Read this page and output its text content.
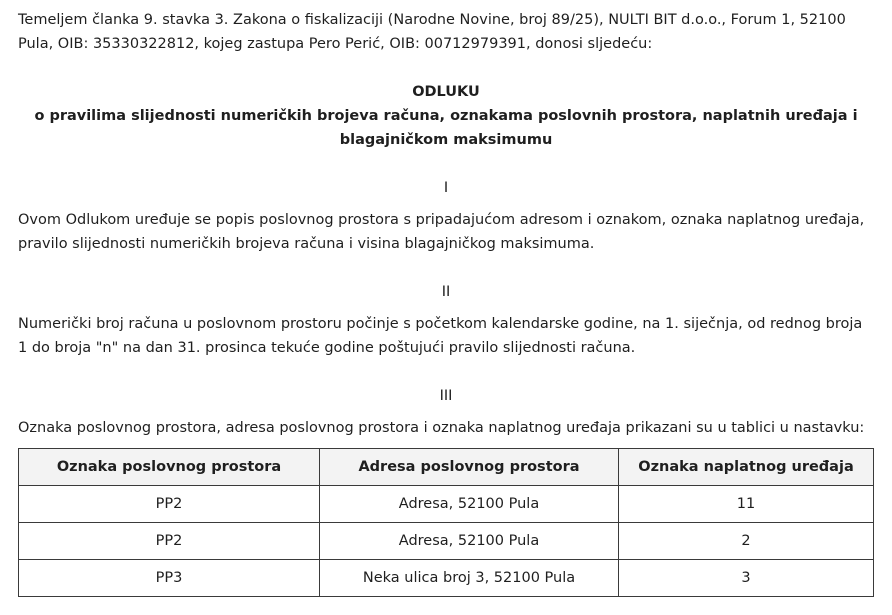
Temeljem članka 9. stavka 3. Zakona o fiskalizaciji (Narodne Novine, broj 89/25), NULTI BIT d.o.o., Forum 1, 52100 Pula, OIB: 35330322812, kojeg zastupa Pero Perić, OIB: 00712979391, donosi sljedeću:

ODLUKU
o pravilima slijednosti numeričkih brojeva računa, oznakama poslovnih prostora, naplatnih uređaja i blagajničkom maksimumu

I

Ovom Odlukom uređuje se popis poslovnog prostora s pripadajućom adresom i oznakom, oznaka naplatnog uređaja, pravilo slijednosti numeričkih brojeva računa i visina blagajničkog maksimuma.

II

Numerički broj računa u poslovnom prostoru počinje s početkom kalendarske godine, na 1. siječnja, od rednog broja 1 do broja "n" na dan 31. prosinca tekuće godine poštujući pravilo slijednosti računa.

III

Oznaka poslovnog prostora, adresa poslovnog prostora i oznaka naplatnog uređaja prikazani su u tablici u nastavku:

Oznaka poslovnog prostora	Adresa poslovnog prostora	Oznaka naplatnog uređaja
PP2	Adresa, 52100 Pula	11
PP2	Adresa, 52100 Pula	2
PP3	Neka ulica broj 3, 52100 Pula	3
